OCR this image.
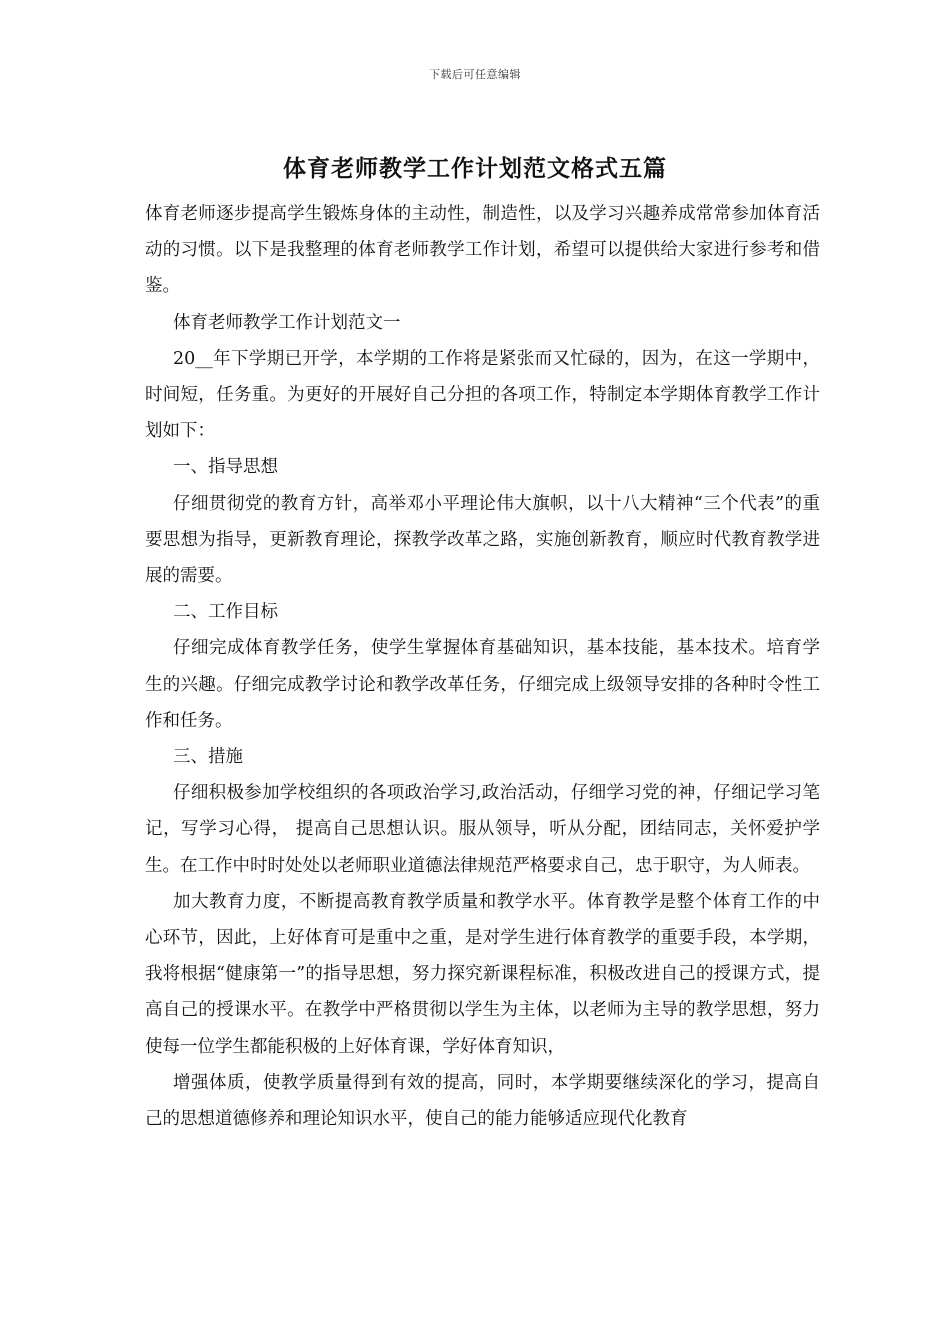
下载后可任意编辑
体育老师教学工作计划范文格式五篇

体育老师逐步提高学生锻炼身体的主动性，制造性，以及学习兴趣养成常常参加体育活动的习惯。以下是我整理的体育老师教学工作计划，希望可以提供给大家进行参考和借鉴。

体育老师教学工作计划范文一

20__年下学期已开学，本学期的工作将是紧张而又忙碌的，因为，在这一学期中，时间短，任务重。为更好的开展好自己分担的各项工作，特制定本学期体育教学工作计划如下：

一、指导思想

仔细贯彻党的教育方针，高举邓小平理论伟大旗帜，以十八大精神“三个代表”的重要思想为指导，更新教育理论，探教学改革之路，实施创新教育，顺应时代教育教学进展的需要。

二、工作目标

仔细完成体育教学任务，使学生掌握体育基础知识，基本技能，基本技术。培育学生的兴趣。仔细完成教学讨论和教学改革任务，仔细完成上级领导安排的各种时令性工作和任务。

三、措施

仔细积极参加学校组织的各项政治学习,政治活动，仔细学习党的神，仔细记学习笔记，写学习心得， 提高自己思想认识。服从领导，听从分配，团结同志，关怀爱护学生。在工作中时时处处以老师职业道德法律规范严格要求自己，忠于职守，为人师表。

加大教育力度，不断提高教育教学质量和教学水平。体育教学是整个体育工作的中心环节，因此，上好体育可是重中之重，是对学生进行体育教学的重要手段，本学期，我将根据“健康第一”的指导思想，努力探究新课程标准，积极改进自己的授课方式，提高自己的授课水平。在教学中严格贯彻以学生为主体，以老师为主导的教学思想，努力使每一位学生都能积极的上好体育课，学好体育知识，

增强体质，使教学质量得到有效的提高，同时，本学期要继续深化的学习，提高自己的思想道德修养和理论知识水平，使自己的能力能够适应现代化教育
